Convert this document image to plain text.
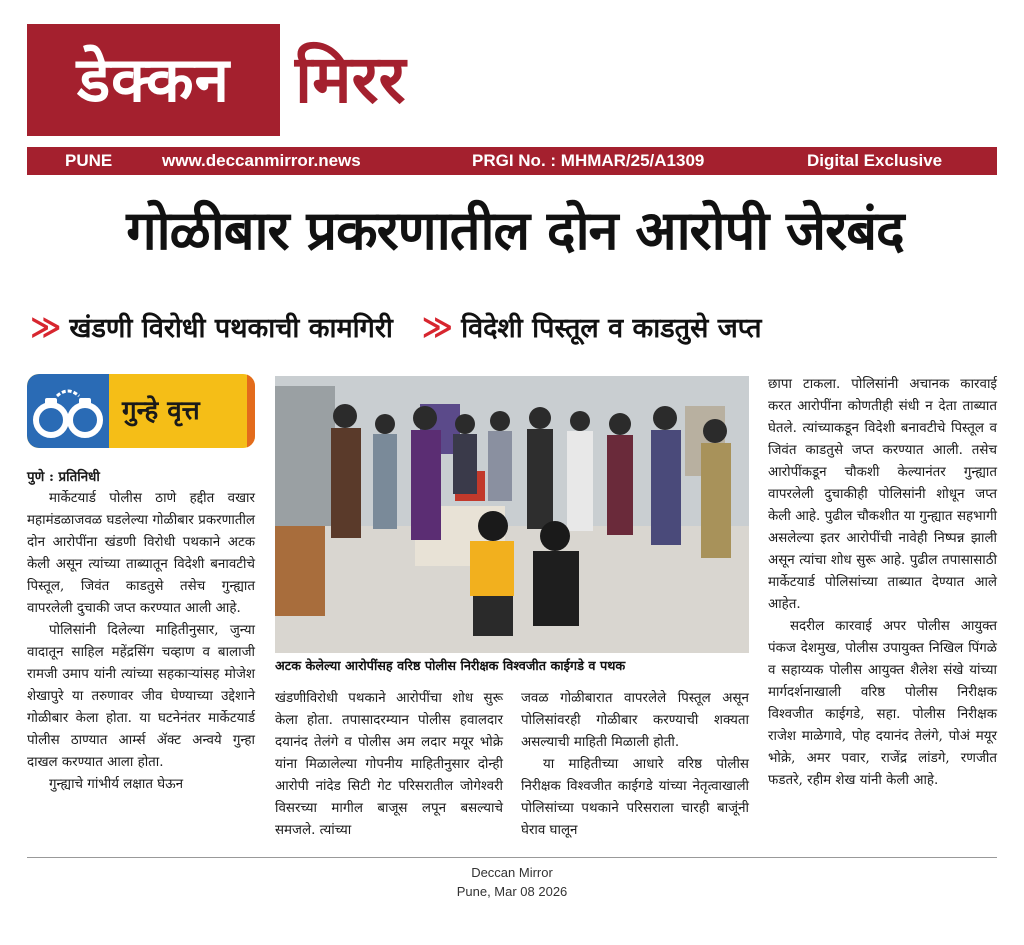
डेक्कन मिरर
PUNE	www.deccanmirror.news	PRGI No. : MHMAR/25/A1309	Digital Exclusive
गोळीबार प्रकरणातील दोन आरोपी जेरबंद
≫ खंडणी विरोधी पथकाची कामगिरी ≫ विदेशी पिस्तूल व काडतुसे जप्त
गुन्हे वृत्त

पुणे : प्रतिनिधी

मार्केटयार्ड पोलीस ठाणे हद्दीत वखार महामंडळाजवळ घडलेल्या गोळीबार प्रकरणातील दोन आरोपींना खंडणी विरोधी पथकाने अटक केली असून त्यांच्या ताब्यातून विदेशी बनावटीचे पिस्तूल, जिवंत काडतुसे तसेच गुन्ह्यात वापरलेली दुचाकी जप्त करण्यात आली आहे.

पोलिसांनी दिलेल्या माहितीनुसार, जुन्या वादातून साहिल महेंद्रसिंग चव्हाण व बालाजी रामजी उमाप यांनी त्यांच्या सहकाऱ्यांसह मोजेश शेखापुरे या तरुणावर जीव घेण्याच्या उद्देशाने गोळीबार केला होता. या घटनेनंतर मार्केटयार्ड पोलीस ठाण्यात आर्म्स ॲक्ट अन्वये गुन्हा दाखल करण्यात आला होता.

गुन्ह्याचे गांभीर्य लक्षात घेऊन

अटक केलेल्या आरोपींसह वरिष्ठ पोलीस निरीक्षक विश्वजीत काईगडे व पथक

खंडणीविरोधी पथकाने आरोपींचा शोध सुरू केला होता. तपासादरम्यान पोलीस हवालदार दयानंद तेलंगे व पोलीस अम लदार मयूर भोक्रे यांना मिळालेल्या गोपनीय माहितीनुसार दोन्ही आरोपी नांदेड सिटी गेट परिसरातील जोगेश्वरी विसरच्या मागील बाजूस लपून बसल्याचे समजले. त्यांच्या

जवळ गोळीबारात वापरलेले पिस्तूल असून पोलिसांवरही गोळीबार करण्याची शक्यता असल्याची माहिती मिळाली होती.

या माहितीच्या आधारे वरिष्ठ पोलीस निरीक्षक विश्वजीत काईगडे यांच्या नेतृत्वाखाली पोलिसांच्या पथकाने परिसराला चारही बाजूंनी घेराव घालून

छापा टाकला. पोलिसांनी अचानक कारवाई करत आरोपींना कोणतीही संधी न देता ताब्यात घेतले. त्यांच्याकडून विदेशी बनावटीचे पिस्तूल व जिवंत काडतुसे जप्त करण्यात आली. तसेच आरोपींकडून चौकशी केल्यानंतर गुन्ह्यात वापरलेली दुचाकीही पोलिसांनी शोधून जप्त केली आहे. पुढील चौकशीत या गुन्ह्यात सहभागी असलेल्या इतर आरोपींची नावेही निष्पन्न झाली असून त्यांचा शोध सुरू आहे. पुढील तपासासाठी मार्केटयार्ड पोलिसांच्या ताब्यात देण्यात आले आहेत.

सदरील कारवाई अपर पोलीस आयुक्त पंकज देशमुख, पोलीस उपायुक्त निखिल पिंगळे व सहाय्यक पोलीस आयुक्त शैलेश संखे यांच्या मार्गदर्शनाखाली वरिष्ठ पोलीस निरीक्षक विश्वजीत काईगडे, सहा. पोलीस निरीक्षक राजेश माळेगावे, पोह दयानंद तेलंगे, पोअं मयूर भोक्रे, अमर पवार, राजेंद्र लांडगे, रणजीत फडतरे, रहीम शेख यांनी केली आहे.

Deccan Mirror
Pune, Mar 08 2026
